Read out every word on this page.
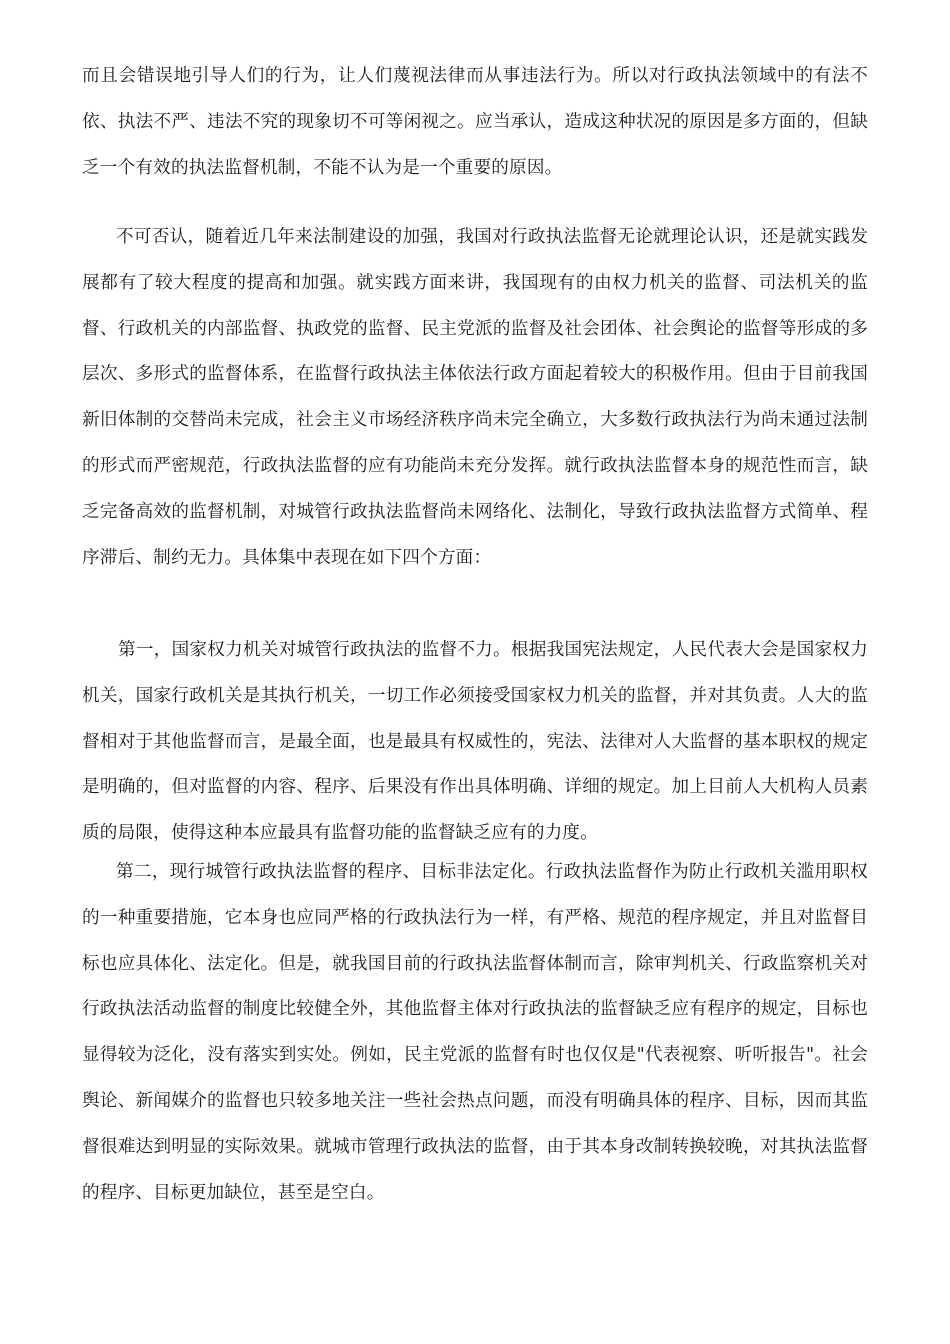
而且会错误地引导人们的行为，让人们蔑视法律而从事违法行为。所以对行政执法领域中的有法不依、执法不严、违法不究的现象切不可等闲视之。应当承认，造成这种状况的原因是多方面的，但缺乏一个有效的执法监督机制，不能不认为是一个重要的原因。

不可否认，随着近几年来法制建设的加强，我国对行政执法监督无论就理论认识，还是就实践发展都有了较大程度的提高和加强。就实践方面来讲，我国现有的由权力机关的监督、司法机关的监督、行政机关的内部监督、执政党的监督、民主党派的监督及社会团体、社会舆论的监督等形成的多层次、多形式的监督体系，在监督行政执法主体依法行政方面起着较大的积极作用。但由于目前我国新旧体制的交替尚未完成，社会主义市场经济秩序尚未完全确立，大多数行政执法行为尚未通过法制的形式而严密规范，行政执法监督的应有功能尚未充分发挥。就行政执法监督本身的规范性而言，缺乏完备高效的监督机制，对城管行政执法监督尚未网络化、法制化，导致行政执法监督方式简单、程序滞后、制约无力。具体集中表现在如下四个方面：

第一，国家权力机关对城管行政执法的监督不力。根据我国宪法规定，人民代表大会是国家权力机关，国家行政机关是其执行机关，一切工作必须接受国家权力机关的监督，并对其负责。人大的监督相对于其他监督而言，是最全面，也是最具有权威性的，宪法、法律对人大监督的基本职权的规定是明确的，但对监督的内容、程序、后果没有作出具体明确、详细的规定。加上目前人大机构人员素质的局限，使得这种本应最具有监督功能的监督缺乏应有的力度。

第二，现行城管行政执法监督的程序、目标非法定化。行政执法监督作为防止行政机关滥用职权的一种重要措施，它本身也应同严格的行政执法行为一样，有严格、规范的程序规定，并且对监督目标也应具体化、法定化。但是，就我国目前的行政执法监督体制而言，除审判机关、行政监察机关对行政执法活动监督的制度比较健全外，其他监督主体对行政执法的监督缺乏应有程序的规定，目标也显得较为泛化，没有落实到实处。例如，民主党派的监督有时也仅仅是"代表视察、听听报告"。社会舆论、新闻媒介的监督也只较多地关注一些社会热点问题，而没有明确具体的程序、目标，因而其监督很难达到明显的实际效果。就城市管理行政执法的监督，由于其本身改制转换较晚，对其执法监督的程序、目标更加缺位，甚至是空白。
